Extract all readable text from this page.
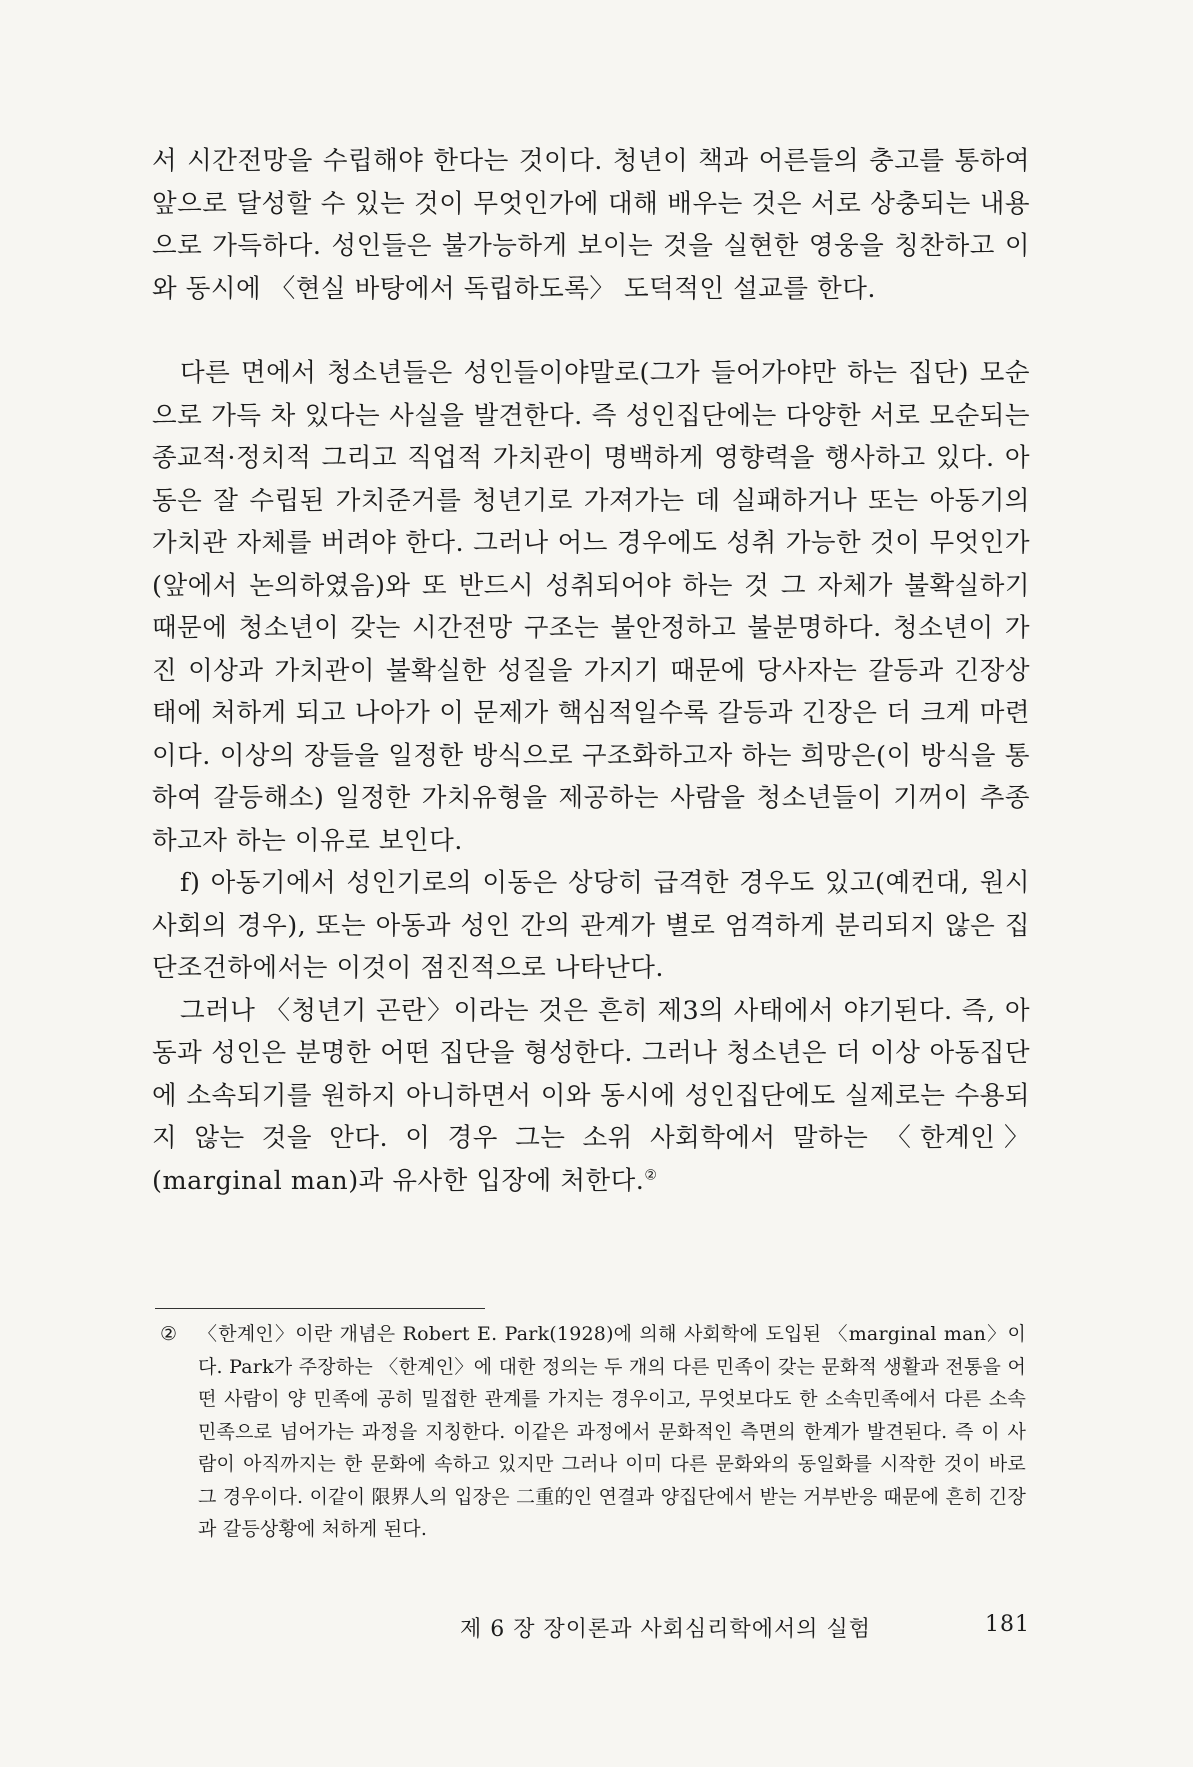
서 시간전망을 수립해야 한다는 것이다. 청년이 책과 어른들의 충고를 통하여 앞으로 달성할 수 있는 것이 무엇인가에 대해 배우는 것은 서로 상충되는 내용으로 가득하다. 성인들은 불가능하게 보이는 것을 실현한 영웅을 칭찬하고 이와 동시에 〈현실 바탕에서 독립하도록〉 도덕적인 설교를 한다.

다른 면에서 청소년들은 성인들이야말로(그가 들어가야만 하는 집단) 모순으로 가득 차 있다는 사실을 발견한다. 즉 성인집단에는 다양한 서로 모순되는 종교적·정치적 그리고 직업적 가치관이 명백하게 영향력을 행사하고 있다. 아동은 잘 수립된 가치준거를 청년기로 가져가는 데 실패하거나 또는 아동기의 가치관 자체를 버려야 한다. 그러나 어느 경우에도 성취 가능한 것이 무엇인가(앞에서 논의하였음)와 또 반드시 성취되어야 하는 것 그 자체가 불확실하기 때문에 청소년이 갖는 시간전망 구조는 불안정하고 불분명하다. 청소년이 가진 이상과 가치관이 불확실한 성질을 가지기 때문에 당사자는 갈등과 긴장상태에 처하게 되고 나아가 이 문제가 핵심적일수록 갈등과 긴장은 더 크게 마련이다. 이상의 장들을 일정한 방식으로 구조화하고자 하는 희망은(이 방식을 통하여 갈등해소) 일정한 가치유형을 제공하는 사람을 청소년들이 기꺼이 추종하고자 하는 이유로 보인다.

f) 아동기에서 성인기로의 이동은 상당히 급격한 경우도 있고(예컨대, 원시사회의 경우), 또는 아동과 성인 간의 관계가 별로 엄격하게 분리되지 않은 집단조건하에서는 이것이 점진적으로 나타난다.

그러나 〈청년기 곤란〉이라는 것은 흔히 제3의 사태에서 야기된다. 즉, 아동과 성인은 분명한 어떤 집단을 형성한다. 그러나 청소년은 더 이상 아동집단에 소속되기를 원하지 아니하면서 이와 동시에 성인집단에도 실제로는 수용되지 않는 것을 안다. 이 경우 그는 소위 사회학에서 말하는 〈한계인〉(marginal man)과 유사한 입장에 처한다.②

②	〈한계인〉이란 개념은 Robert E. Park(1928)에 의해 사회학에 도입된 〈marginal man〉이다. Park가 주장하는 〈한계인〉에 대한 정의는 두 개의 다른 민족이 갖는 문화적 생활과 전통을 어떤 사람이 양 민족에 공히 밀접한 관계를 가지는 경우이고, 무엇보다도 한 소속민족에서 다른 소속민족으로 넘어가는 과정을 지칭한다. 이같은 과정에서 문화적인 측면의 한계가 발견된다. 즉 이 사람이 아직까지는 한 문화에 속하고 있지만 그러나 이미 다른 문화와의 동일화를 시작한 것이 바로 그 경우이다. 이같이 限界人의 입장은 二重的인 연결과 양집단에서 받는 거부반응 때문에 흔히 긴장과 갈등상황에 처하게 된다.
제 6 장 장이론과 사회심리학에서의 실험	181
